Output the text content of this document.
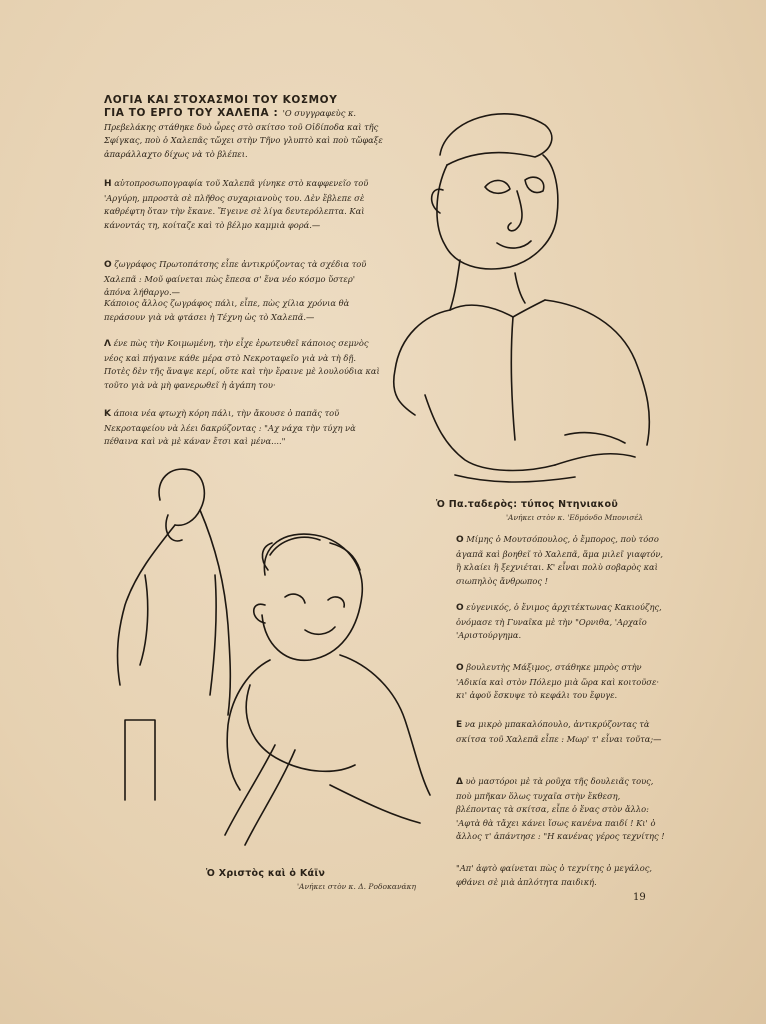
ΛΟΓΙΑ ΚΑΙ ΣΤΟΧΑΣΜΟΙ ΤΟΥ ΚΟΣΜΟΥ
ΓΙΑ ΤΟ ΕΡΓΟ ΤΟΥ ΧΑΛΕΠΑ : 'Ο συγγραφεὺς κ. Πρεβελάκης στάθηκε δυὸ ὧρες στὸ σκίτσο τοῦ Οἰδίποδα καὶ τῆς Σφίγκας, ποὺ ὁ Χαλεπᾶς τὤχει στὴν Τῆνο γλυπτὸ καὶ ποὺ τὤφαξε ἀπαράλλαχτο δίχως νὰ τὸ βλέπει.

Η αὐτοπροσωπογραφία τοῦ Χαλεπᾶ γίνηκε στὸ καφφενεῖο τοῦ 'Αργύρη, μπροστὰ σὲ πλῆθος συχαριανοὺς του. Δὲν ἔβλεπε σὲ καθρέφτη ὅταν τὴν ἔκανε. Ἔγεινε σὲ λίγα δευτερόλεπτα. Καὶ κάνοντάς τη, κοίταζε καὶ τὸ βέλμο καμμιὰ φορά.—

Ο ζωγράφος Πρωτοπάτσης εἶπε ἀντικρύζοντας τὰ σχέδια τοῦ Χαλεπᾶ : Μοῦ φαίνεται πὼς ἔπεσα σ' ἕνα νέο κόσμο ὕστερ' ἀπόνα λήθαργο.—

Κάποιος ἄλλος ζωγράφος πάλι, εἶπε, πὼς χίλια χρόνια θὰ περάσουν γιὰ νὰ φτάσει ἡ Τέχνη ὡς τὸ Χαλεπᾶ.—

Λ ένε πὼς τὴν Κοιμωμένη, τὴν εἶχε ἐρωτευθεῖ κάποιος σεμνὸς νέος καὶ πήγαινε κάθε μέρα στὸ Νεκροταφεῖο γιὰ νὰ τὴ δῇ. Ποτὲς δὲν τῆς ἅναψε κερί, οὔτε καὶ τὴν ἔραινε μὲ λουλούδια καὶ τοῦτο γιὰ νὰ μὴ φανερωθεῖ ἡ ἀγάπη του·

Κ άποια νέα φτωχὴ κόρη πάλι, τὴν ἄκουσε ὁ παπᾶς τοῦ Νεκροταφείου νὰ λέει δακρύζοντας : "Αχ νάχα τὴν τύχη νὰ πέθαινα καὶ νὰ μὲ κάναν ἔτσι καὶ μένα...."

Ὁ Πα.ταδερὸς: τύπος Ντηνιακοῦ

'Ανήκει στὸν κ. 'Εδμόνδο Μπονισέλ

Ο Μίμης ὁ Μουτσόπουλος, ὁ ἔμπορος, ποὺ τόσο ἀγαπᾶ καὶ βοηθεῖ τὸ Χαλεπᾶ, ἅμα μιλεῖ γιαφτόν, ἢ κλαίει ἢ ξεχνιέται. Κ' εἶναι πολὺ σοβαρὸς καὶ σιωπηλὸς ἄνθρωπος !

Ο εὐγενικός, ὁ ἔνιμος ἀρχιτέκτωνας Κακιούζης, ὀνόμασε τὴ Γυναῖκα μὲ τὴν "Ορνιθα, 'Αρχαῖο 'Αριστούργημα.

Ο βουλευτὴς Μάξιμος, στάθηκε μπρὸς στὴν 'Αδικία καὶ στὸν Πόλεμο μιὰ ὥρα καὶ κοιτοῦσε· κι' ἀφοῦ ἔσκυψε τὸ κεφάλι του ἔφυγε.

Ε να μικρὸ μπακαλόπουλο, ἀντικρύζοντας τὰ σκίτσα τοῦ Χαλεπᾶ εἶπε : Μωρ' τ' εἶναι τοῦτα;—

Δ υὸ μαστόροι μὲ τὰ ροῦχα τῆς δουλειᾶς τους, ποὺ μπῆκαν ὅλως τυχαῖα στὴν ἔκθεση, βλέποντας τὰ σκίτσα, εἶπε ὁ ἕνας στὸν ἄλλο: 'Αφτὰ θὰ τἄχει κάνει ἴσως κανένα παιδί ! Κι' ὁ ἄλλος τ' ἀπάντησε : "Η κανένας γέρος τεχνίτης !

"Απ' ἀφτὸ φαίνεται πὼς ὁ τεχνίτης ὁ μεγάλος, φθάνει σὲ μιὰ ἁπλότητα παιδική.

Ὁ Χριστὸς καὶ ὁ Κάϊν

'Ανήκει στὸν κ. Δ. Ροδοκανάκη

19
